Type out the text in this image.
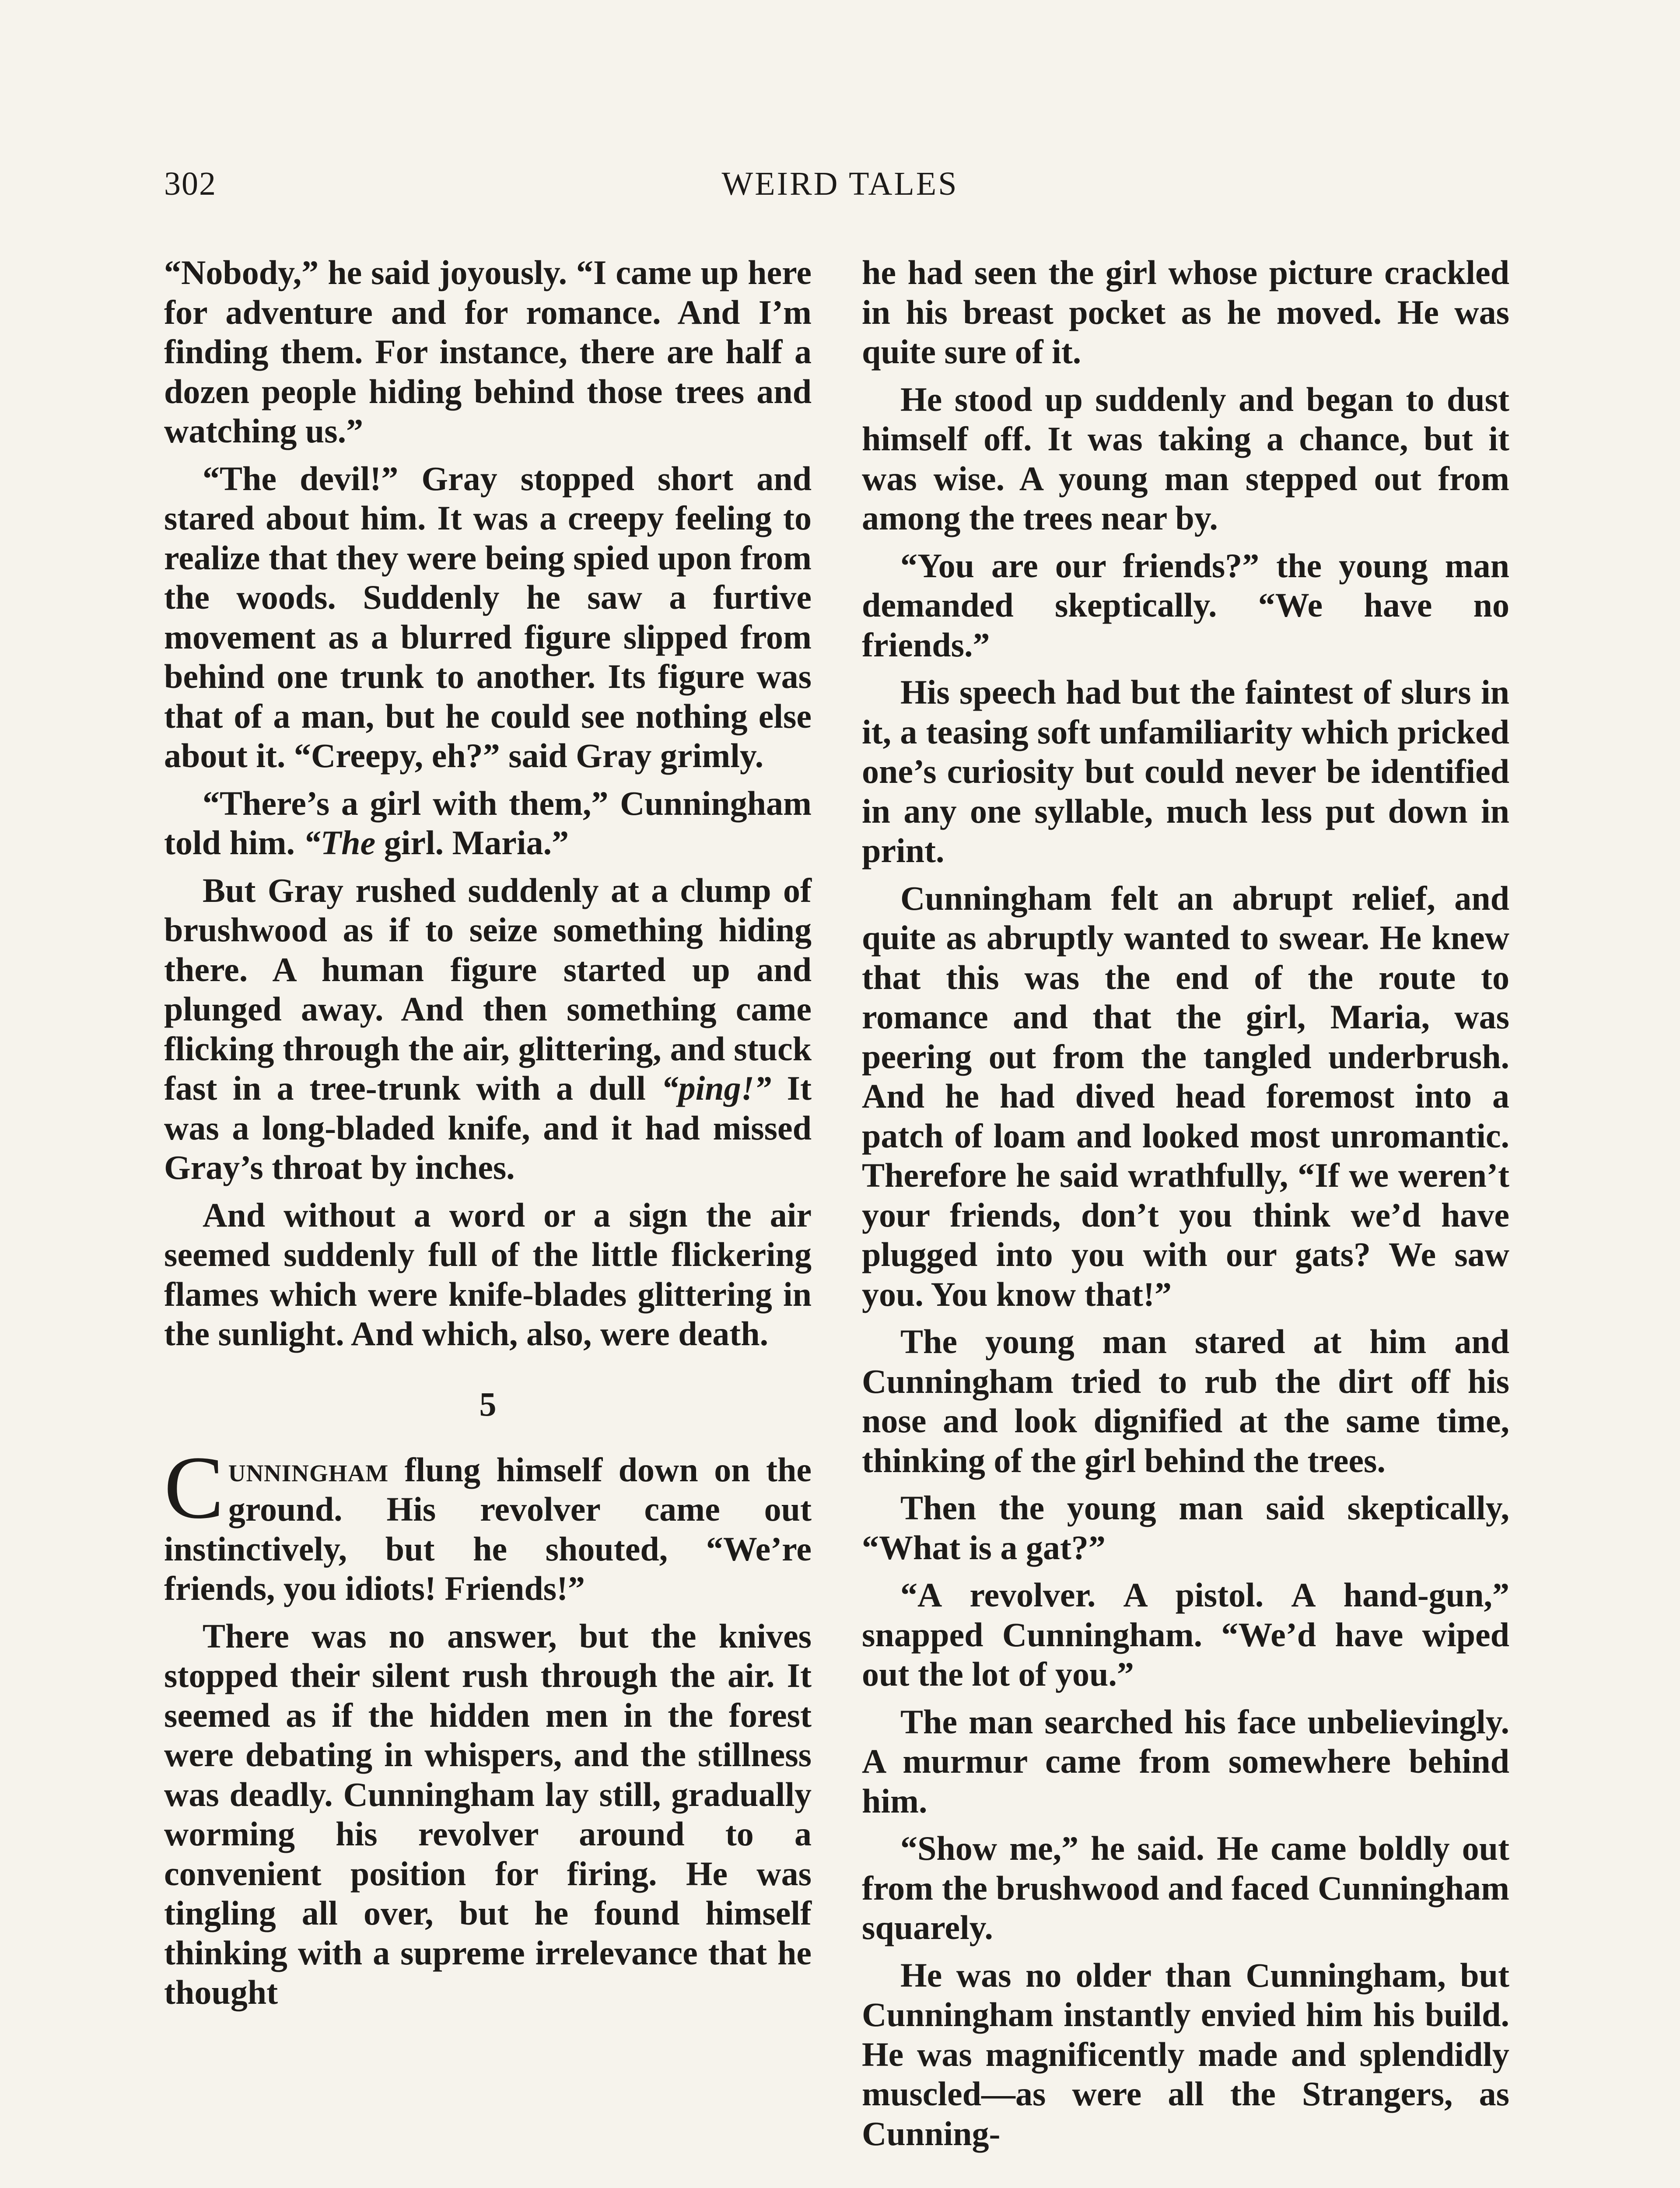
302	WEIRD TALES

“Nobody,” he said joyously. “I came up here for adventure and for romance. And I’m finding them. For instance, there are half a dozen people hiding behind those trees and watching us.”

“The devil!” Gray stopped short and stared about him. It was a creepy feeling to realize that they were being spied upon from the woods. Suddenly he saw a furtive movement as a blurred figure slipped from behind one trunk to another. Its figure was that of a man, but he could see nothing else about it. “Creepy, eh?” said Gray grimly.

“There’s a girl with them,” Cunningham told him. “The girl. Maria.”

But Gray rushed suddenly at a clump of brushwood as if to seize something hiding there. A human figure started up and plunged away. And then something came flicking through the air, glittering, and stuck fast in a tree-trunk with a dull “ping!” It was a long-bladed knife, and it had missed Gray’s throat by inches.

And without a word or a sign the air seemed suddenly full of the little flickering flames which were knife-blades glittering in the sunlight. And which, also, were death.

5

Cunningham flung himself down on the ground. His revolver came out instinctively, but he shouted, “We’re friends, you idiots! Friends!”

There was no answer, but the knives stopped their silent rush through the air. It seemed as if the hidden men in the forest were debating in whispers, and the stillness was deadly. Cunningham lay still, gradually worming his revolver around to a convenient position for firing. He was tingling all over, but he found himself thinking with a supreme irrelevance that he thought

he had seen the girl whose picture crackled in his breast pocket as he moved. He was quite sure of it.

He stood up suddenly and began to dust himself off. It was taking a chance, but it was wise. A young man stepped out from among the trees near by.

“You are our friends?” the young man demanded skeptically. “We have no friends.”

His speech had but the faintest of slurs in it, a teasing soft unfamiliarity which pricked one’s curiosity but could never be identified in any one syllable, much less put down in print.

Cunningham felt an abrupt relief, and quite as abruptly wanted to swear. He knew that this was the end of the route to romance and that the girl, Maria, was peering out from the tangled underbrush. And he had dived head foremost into a patch of loam and looked most unromantic. Therefore he said wrathfully, “If we weren’t your friends, don’t you think we’d have plugged into you with our gats? We saw you. You know that!”

The young man stared at him and Cunningham tried to rub the dirt off his nose and look dignified at the same time, thinking of the girl behind the trees.

Then the young man said skeptically, “What is a gat?”

“A revolver. A pistol. A hand-gun,” snapped Cunningham. “We’d have wiped out the lot of you.”

The man searched his face unbelievingly. A murmur came from somewhere behind him.

“Show me,” he said. He came boldly out from the brushwood and faced Cunningham squarely.

He was no older than Cunningham, but Cunningham instantly envied him his build. He was magnificently made and splendidly muscled—as were all the Strangers, as Cunning-
